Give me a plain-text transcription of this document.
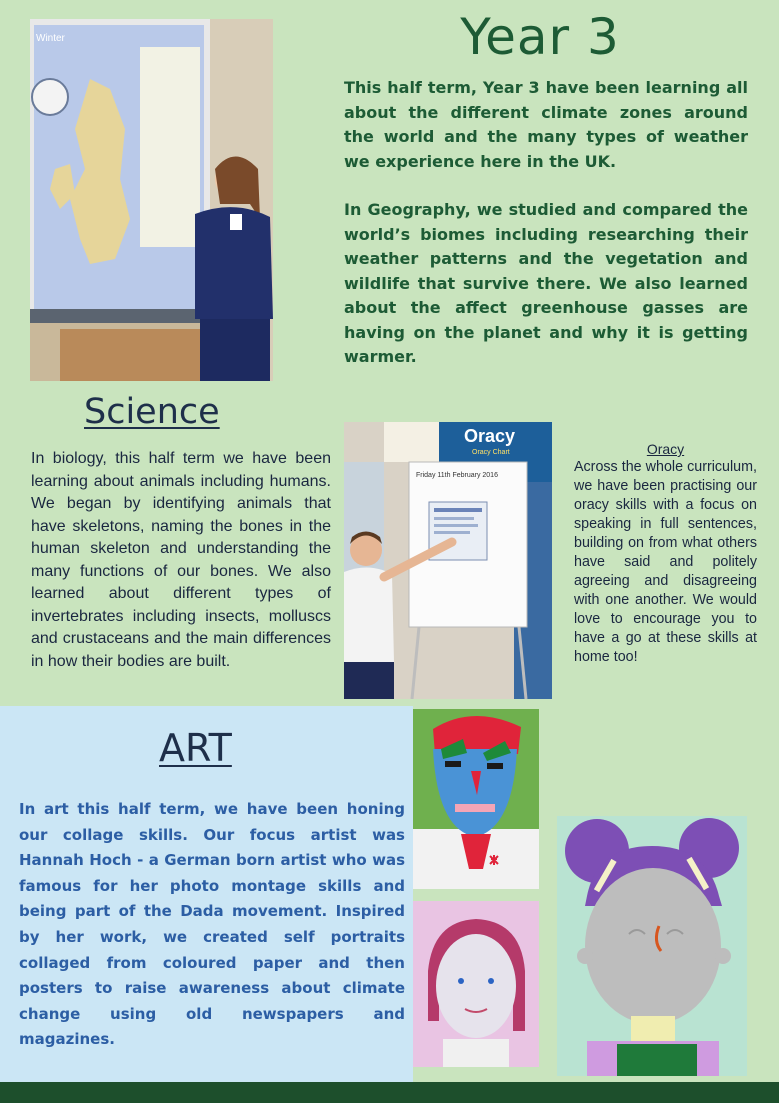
Winter	Year 3

This half term, Year 3 have been learning all about the different climate zones around the world and the many types of weather we experience here in the UK.

In Geography, we studied and compared the world’s biomes including researching their weather patterns and the vegetation and wildlife that survive there. We also learned about the affect greenhouse gasses are having on the planet and why it is getting warmer.

Science
In biology, this half term we have been learning about animals including humans. We began by identifying animals that have skeletons, naming the bones in the human skeleton and understanding the many functions of our bones. We also learned about different types of invertebrates including insects, molluscs and crustaceans and the main differences in how their bodies are built.
Oracy
Oracy Chart
Friday 11th February 2016
Oracy
Across the whole curriculum, we have been practising our oracy skills with a focus on speaking in full sentences, building on from what others have said and politely agreeing and disagreeing with one another. We would love to encourage you to have a go at these skills at home too!
ART
In art this half term, we have been honing our collage skills. Our focus artist was Hannah Hoch - a German born artist who was famous for her photo montage skills and being part of the Dada movement. Inspired by her work, we created self portraits collaged from coloured paper and then posters to raise awareness about climate change using old newspapers and magazines.
